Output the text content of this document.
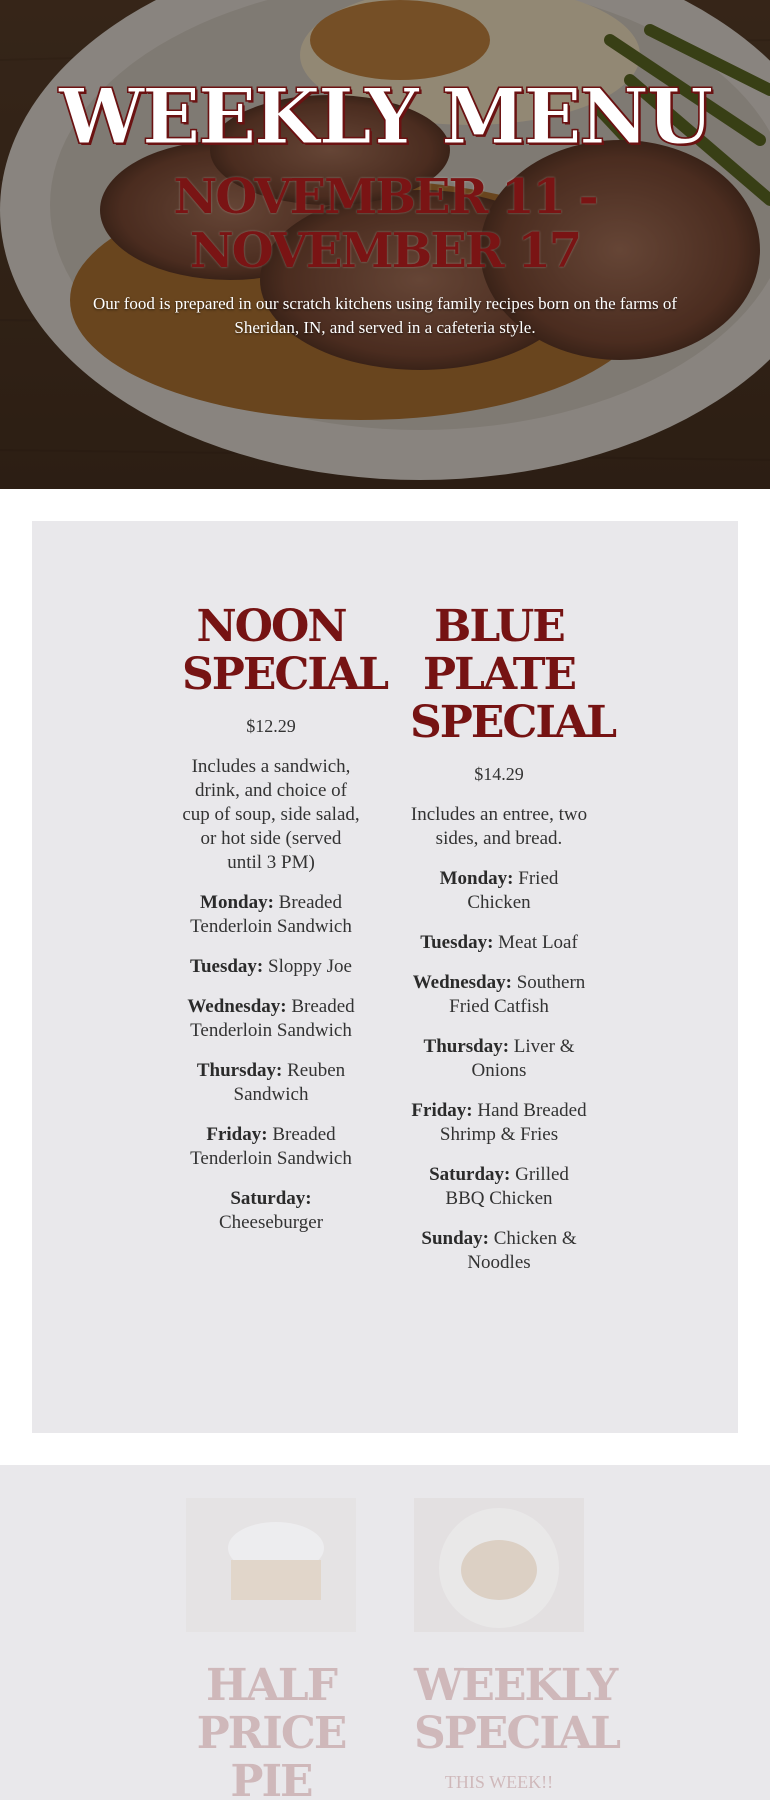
WEEKLY MENU
NOVEMBER 11 - NOVEMBER 17

Our food is prepared in our scratch kitchens using family recipes born on the farms of Sheridan, IN, and served in a cafeteria style.

NOON SPECIAL
$12.29

Includes a sandwich, drink, and choice of cup of soup, side salad, or hot side (served until 3 PM)

Monday: Breaded Tenderloin Sandwich

Tuesday: Sloppy Joe

Wednesday: Breaded Tenderloin Sandwich

Thursday: Reuben Sandwich

Friday: Breaded Tenderloin Sandwich

Saturday: Cheeseburger

BLUE PLATE SPECIAL
$14.29

Includes an entree, two sides, and bread.

Monday: Fried Chicken

Tuesday: Meat Loaf

Wednesday: Southern Fried Catfish

Thursday: Liver & Onions

Friday: Hand Breaded Shrimp & Fries

Saturday: Grilled BBQ Chicken

Sunday: Chicken & Noodles

HALF PRICE PIE
WEEKLY SPECIAL
THIS WEEK!!
